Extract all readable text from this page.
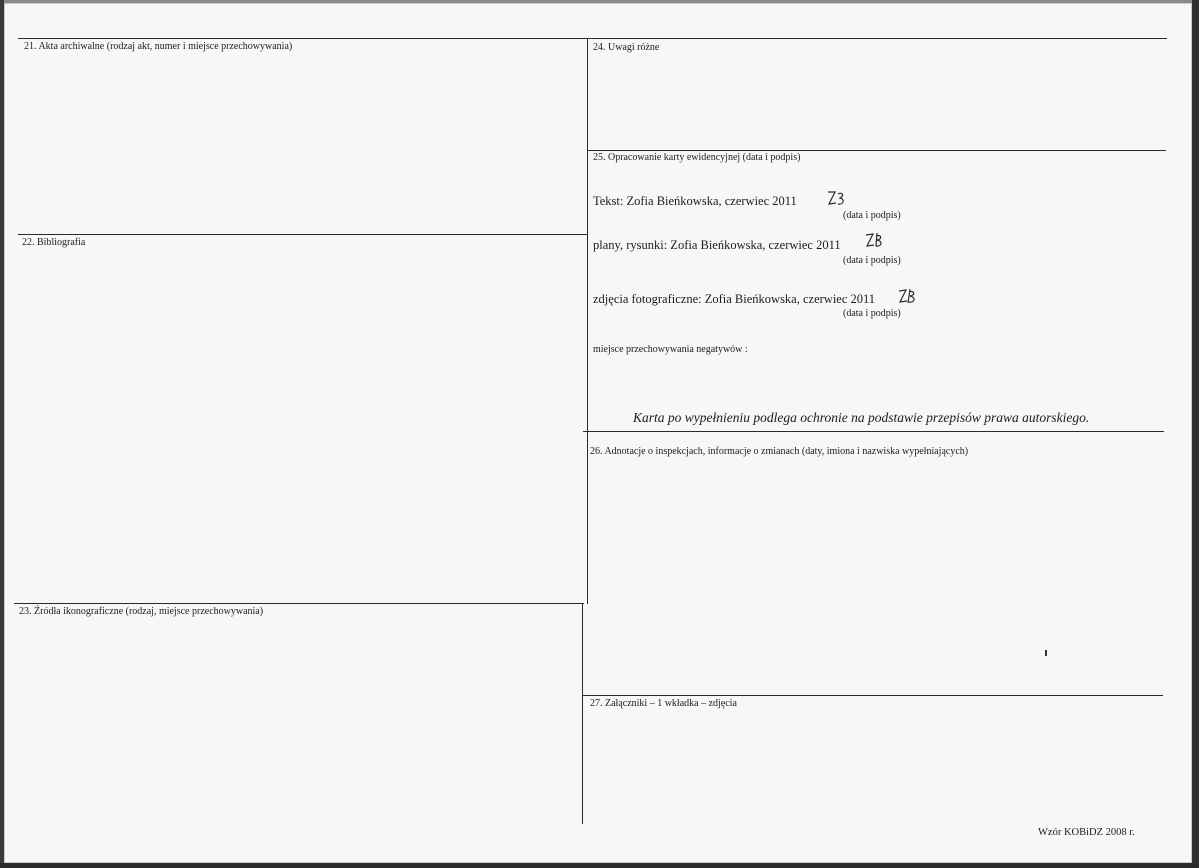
21. Akta archiwalne (rodzaj akt, numer i miejsce przechowywania)
22. Bibliografia
23. Źródła ikonograficzne (rodzaj, miejsce przechowywania)
24. Uwagi różne
25. Opracowanie karty ewidencyjnej (data i podpis)
26. Adnotacje o inspekcjach, informacje o zmianach (daty, imiona i nazwiska wypełniających)
27. Załączniki – 1 wkładka – zdjęcia
Tekst: Zofia Bieńkowska, czerwiec 2011
(data i podpis)
plany, rysunki: Zofia Bieńkowska, czerwiec 2011
(data i podpis)
zdjęcia fotograficzne: Zofia Bieńkowska, czerwiec 2011
(data i podpis)
miejsce przechowywania negatywów :
Karta po wypełnieniu podlega ochronie na podstawie przepisów prawa autorskiego.
Wzór KOBiDZ 2008 r.
